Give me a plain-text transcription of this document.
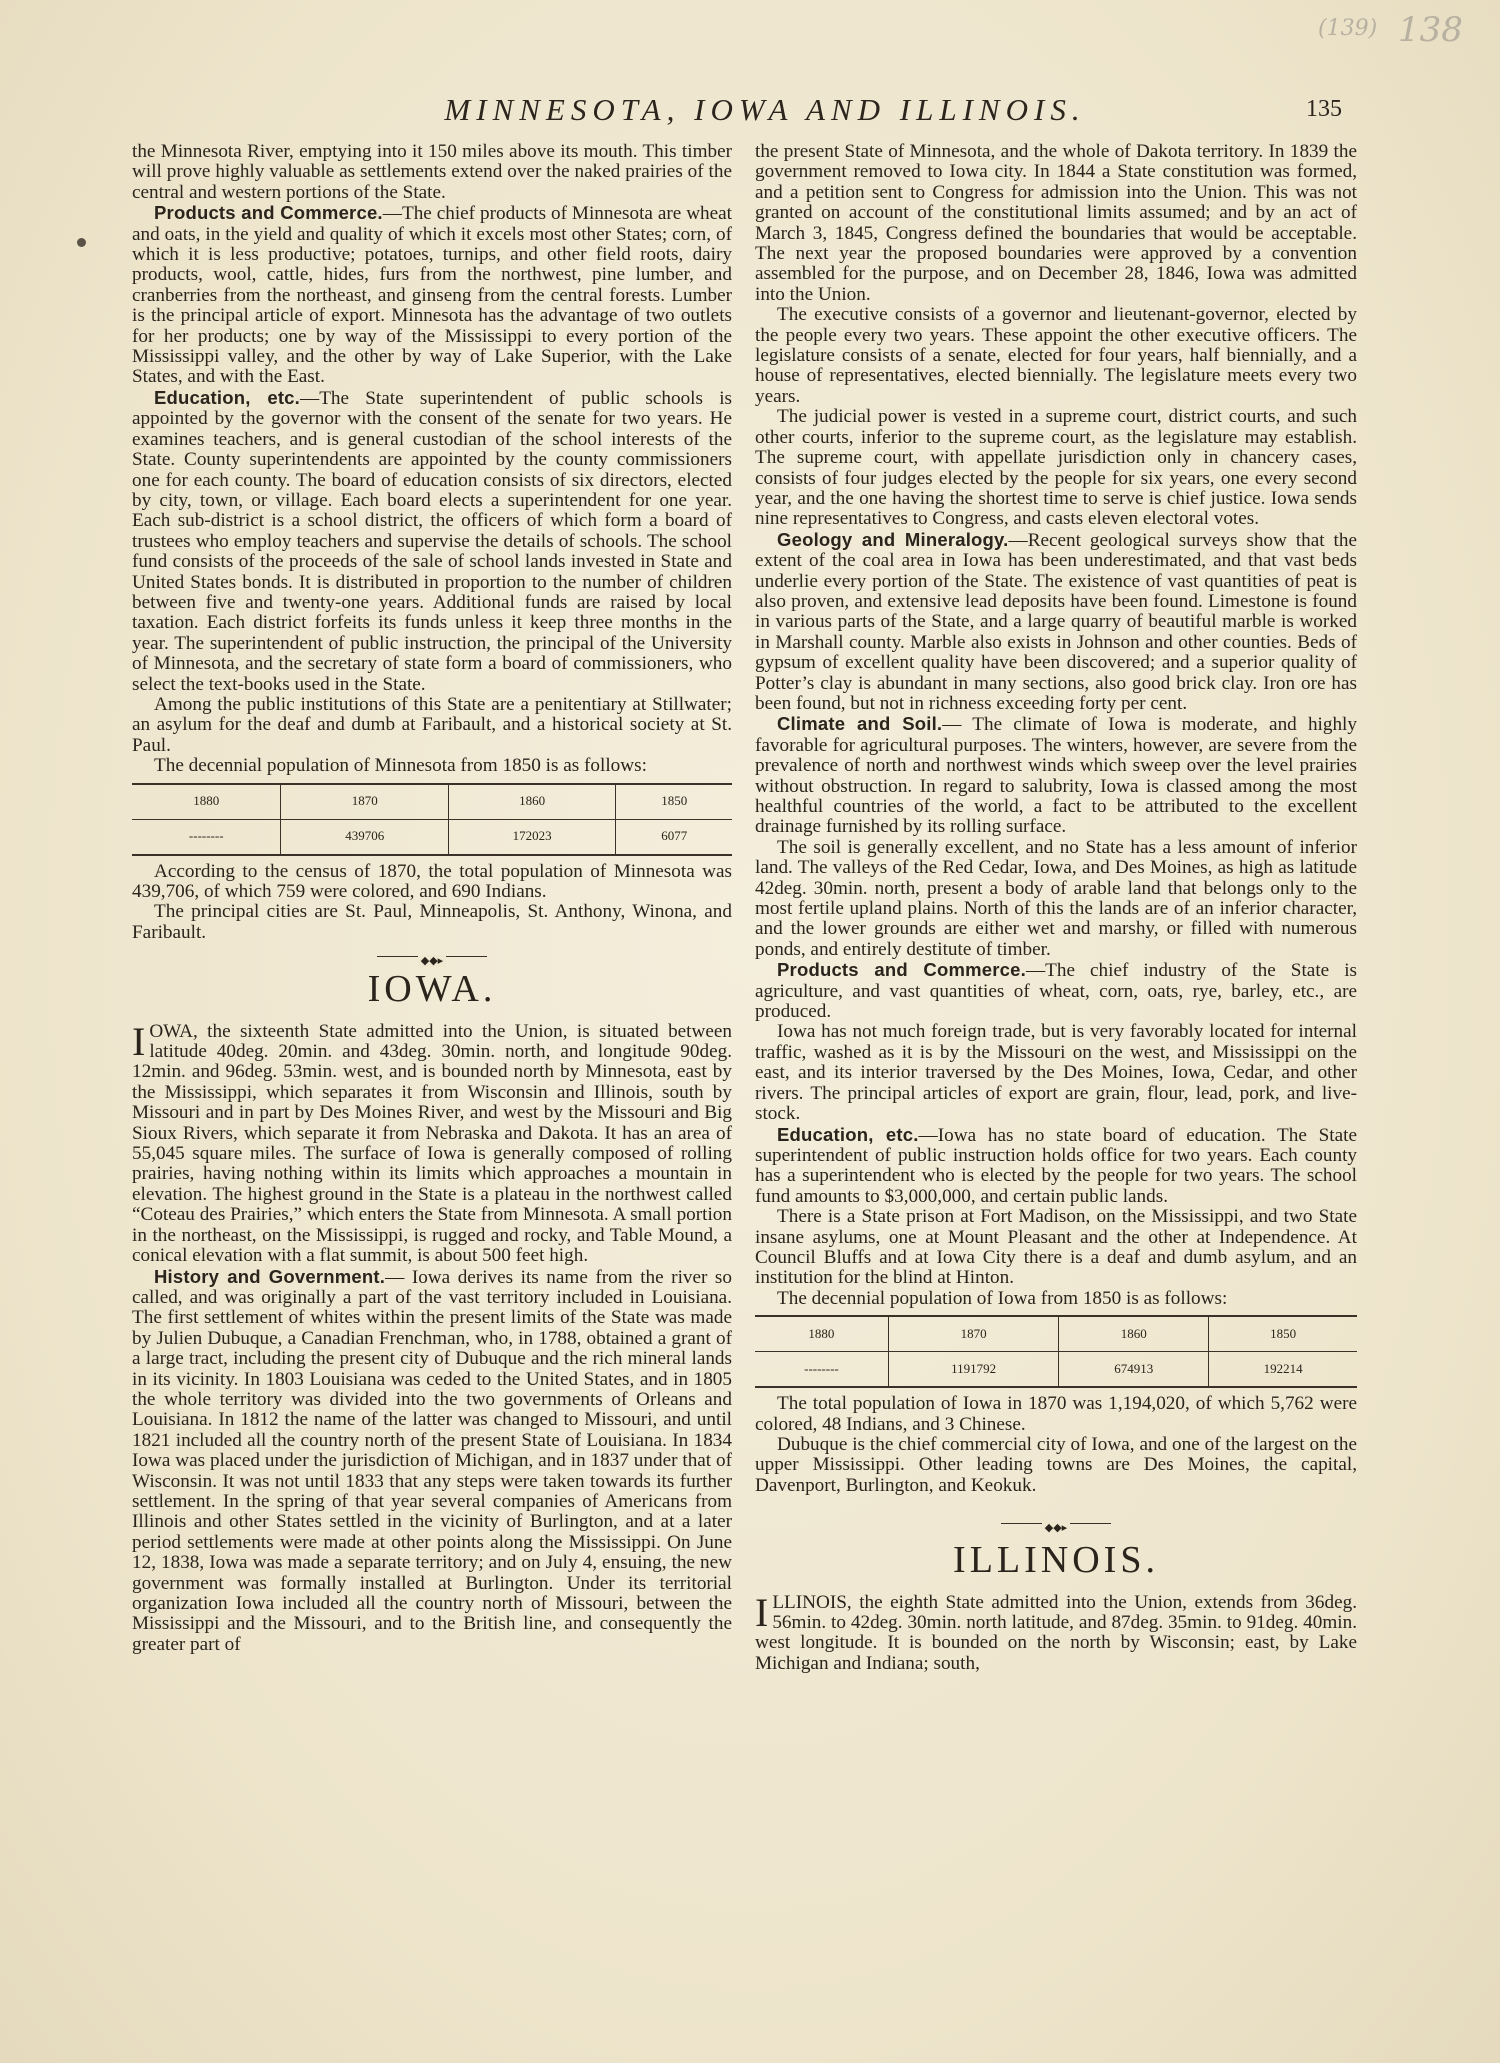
(139) 138
MINNESOTA, IOWA AND ILLINOIS.	135

the Minnesota River, emptying into it 150 miles above its mouth. This timber will prove highly valuable as settlements extend over the naked prairies of the central and western portions of the State.

Products and Commerce.—The chief products of Minnesota are wheat and oats, in the yield and quality of which it excels most other States; corn, of which it is less productive; potatoes, turnips, and other field roots, dairy products, wool, cattle, hides, furs from the northwest, pine lumber, and cranberries from the northeast, and ginseng from the central forests. Lumber is the principal article of export. Minnesota has the advantage of two outlets for her products; one by way of the Mississippi to every portion of the Mississippi valley, and the other by way of Lake Superior, with the Lake States, and with the East.

Education, etc.—The State superintendent of public schools is appointed by the governor with the consent of the senate for two years. He examines teachers, and is general custodian of the school interests of the State. County superintendents are appointed by the county commissioners one for each county. The board of education consists of six directors, elected by city, town, or village. Each board elects a superintendent for one year. Each sub-district is a school district, the officers of which form a board of trustees who employ teachers and supervise the details of schools. The school fund consists of the proceeds of the sale of school lands invested in State and United States bonds. It is distributed in proportion to the number of children between five and twenty-one years. Additional funds are raised by local taxation. Each district forfeits its funds unless it keep three months in the year. The superintendent of public instruction, the principal of the University of Minnesota, and the secretary of state form a board of commissioners, who select the text-books used in the State.

Among the public institutions of this State are a penitentiary at Stillwater; an asylum for the deaf and dumb at Faribault, and a historical society at St. Paul.

The decennial population of Minnesota from 1850 is as follows:

1880	1870	1860	1850
--------	439706	172023	6077

According to the census of 1870, the total population of Minnesota was 439,706, of which 759 were colored, and 690 Indians.

The principal cities are St. Paul, Minneapolis, St. Anthony, Winona, and Faribault.

◆◆▸
IOWA.

IOWA, the sixteenth State admitted into the Union, is situated between latitude 40deg. 20min. and 43deg. 30min. north, and longitude 90deg. 12min. and 96deg. 53min. west, and is bounded north by Minnesota, east by the Mississippi, which separates it from Wisconsin and Illinois, south by Missouri and in part by Des Moines River, and west by the Missouri and Big Sioux Rivers, which separate it from Nebraska and Dakota. It has an area of 55,045 square miles. The surface of Iowa is generally composed of rolling prairies, having nothing within its limits which approaches a mountain in elevation. The highest ground in the State is a plateau in the northwest called “Coteau des Prairies,” which enters the State from Minnesota. A small portion in the northeast, on the Mississippi, is rugged and rocky, and Table Mound, a conical elevation with a flat summit, is about 500 feet high.

History and Government.— Iowa derives its name from the river so called, and was originally a part of the vast territory included in Louisiana. The first settlement of whites within the present limits of the State was made by Julien Dubuque, a Canadian Frenchman, who, in 1788, obtained a grant of a large tract, including the present city of Dubuque and the rich mineral lands in its vicinity. In 1803 Louisiana was ceded to the United States, and in 1805 the whole territory was divided into the two governments of Orleans and Louisiana. In 1812 the name of the latter was changed to Missouri, and until 1821 included all the country north of the present State of Louisiana. In 1834 Iowa was placed under the jurisdiction of Michigan, and in 1837 under that of Wisconsin. It was not until 1833 that any steps were taken towards its further settlement. In the spring of that year several companies of Americans from Illinois and other States settled in the vicinity of Burlington, and at a later period settlements were made at other points along the Mississippi. On June 12, 1838, Iowa was made a separate territory; and on July 4, ensuing, the new government was formally installed at Burlington. Under its territorial organization Iowa included all the country north of Missouri, between the Mississippi and the Missouri, and to the British line, and consequently the greater part of

the present State of Minnesota, and the whole of Dakota territory. In 1839 the government removed to Iowa city. In 1844 a State constitution was formed, and a petition sent to Congress for admission into the Union. This was not granted on account of the constitutional limits assumed; and by an act of March 3, 1845, Congress defined the boundaries that would be acceptable. The next year the proposed boundaries were approved by a convention assembled for the purpose, and on December 28, 1846, Iowa was admitted into the Union.

The executive consists of a governor and lieutenant-governor, elected by the people every two years. These appoint the other executive officers. The legislature consists of a senate, elected for four years, half biennially, and a house of representatives, elected biennially. The legislature meets every two years.

The judicial power is vested in a supreme court, district courts, and such other courts, inferior to the supreme court, as the legislature may establish. The supreme court, with appellate jurisdiction only in chancery cases, consists of four judges elected by the people for six years, one every second year, and the one having the shortest time to serve is chief justice. Iowa sends nine representatives to Congress, and casts eleven electoral votes.

Geology and Mineralogy.—Recent geological surveys show that the extent of the coal area in Iowa has been underestimated, and that vast beds underlie every portion of the State. The existence of vast quantities of peat is also proven, and extensive lead deposits have been found. Limestone is found in various parts of the State, and a large quarry of beautiful marble is worked in Marshall county. Marble also exists in Johnson and other counties. Beds of gypsum of excellent quality have been discovered; and a superior quality of Potter’s clay is abundant in many sections, also good brick clay. Iron ore has been found, but not in richness exceeding forty per cent.

Climate and Soil.— The climate of Iowa is moderate, and highly favorable for agricultural purposes. The winters, however, are severe from the prevalence of north and northwest winds which sweep over the level prairies without obstruction. In regard to salubrity, Iowa is classed among the most healthful countries of the world, a fact to be attributed to the excellent drainage furnished by its rolling surface.

The soil is generally excellent, and no State has a less amount of inferior land. The valleys of the Red Cedar, Iowa, and Des Moines, as high as latitude 42deg. 30min. north, present a body of arable land that belongs only to the most fertile upland plains. North of this the lands are of an inferior character, and the lower grounds are either wet and marshy, or filled with numerous ponds, and entirely destitute of timber.

Products and Commerce.—The chief industry of the State is agriculture, and vast quantities of wheat, corn, oats, rye, barley, etc., are produced.

Iowa has not much foreign trade, but is very favorably located for internal traffic, washed as it is by the Missouri on the west, and Mississippi on the east, and its interior traversed by the Des Moines, Iowa, Cedar, and other rivers. The principal articles of export are grain, flour, lead, pork, and live-stock.

Education, etc.—Iowa has no state board of education. The State superintendent of public instruction holds office for two years. Each county has a superintendent who is elected by the people for two years. The school fund amounts to $3,000,000, and certain public lands.

There is a State prison at Fort Madison, on the Mississippi, and two State insane asylums, one at Mount Pleasant and the other at Independence. At Council Bluffs and at Iowa City there is a deaf and dumb asylum, and an institution for the blind at Hinton.

The decennial population of Iowa from 1850 is as follows:

1880	1870	1860	1850
--------	1191792	674913	192214

The total population of Iowa in 1870 was 1,194,020, of which 5,762 were colored, 48 Indians, and 3 Chinese.

Dubuque is the chief commercial city of Iowa, and one of the largest on the upper Mississippi. Other leading towns are Des Moines, the capital, Davenport, Burlington, and Keokuk.

◆◆▸
ILLINOIS.

ILLINOIS, the eighth State admitted into the Union, extends from 36deg. 56min. to 42deg. 30min. north latitude, and 87deg. 35min. to 91deg. 40min. west longitude. It is bounded on the north by Wisconsin; east, by Lake Michigan and Indiana; south,
